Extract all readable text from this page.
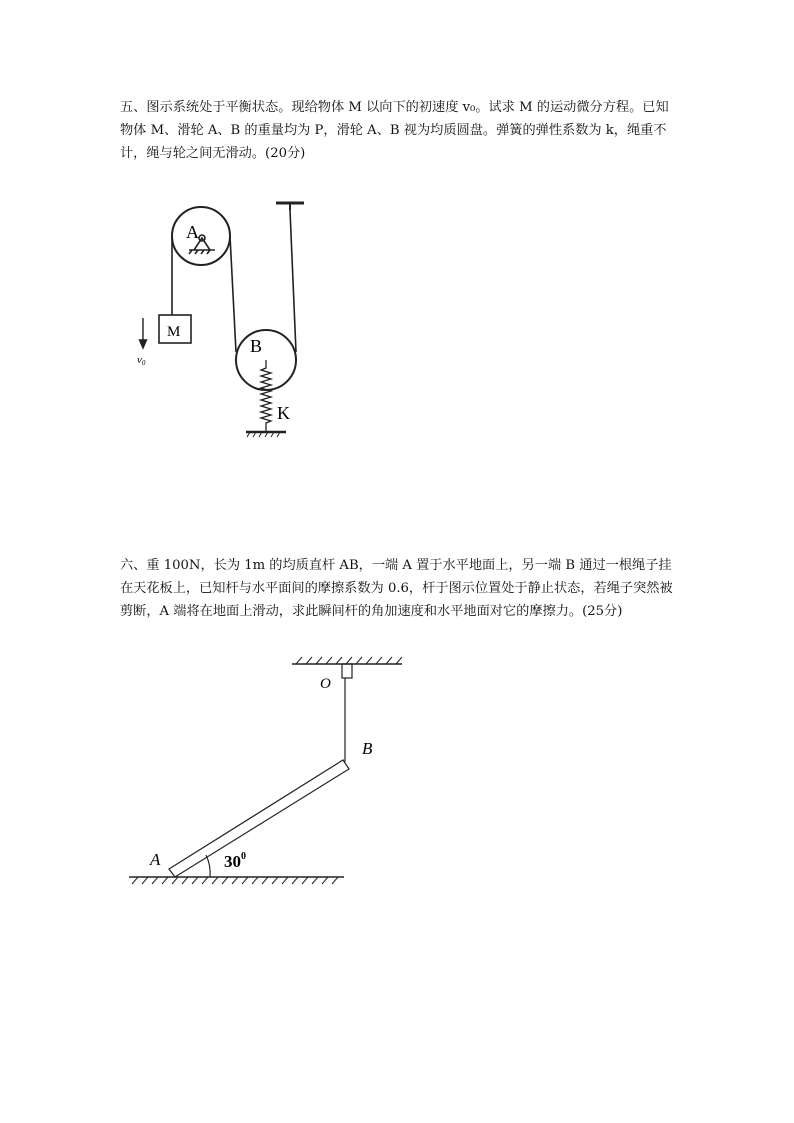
五、图示系统处于平衡状态。现给物体 M 以向下的初速度 v₀。试求 M 的运动微分方程。已知物体 M、滑轮 A、B 的重量均为 P，滑轮 A、B 视为均质圆盘。弹簧的弹性系数为 k，绳重不计，绳与轮之间无滑动。(20分)

A
M
v0
B
K
O
B
A	$30^0$

六、重 100N，长为 1m 的均质直杆 AB，一端 A 置于水平地面上，另一端 B 通过一根绳子挂在天花板上，已知杆与水平面间的摩擦系数为 0.6，杆于图示位置处于静止状态，若绳子突然被剪断，A 端将在地面上滑动，求此瞬间杆的角加速度和水平地面对它的摩擦力。(25分)
